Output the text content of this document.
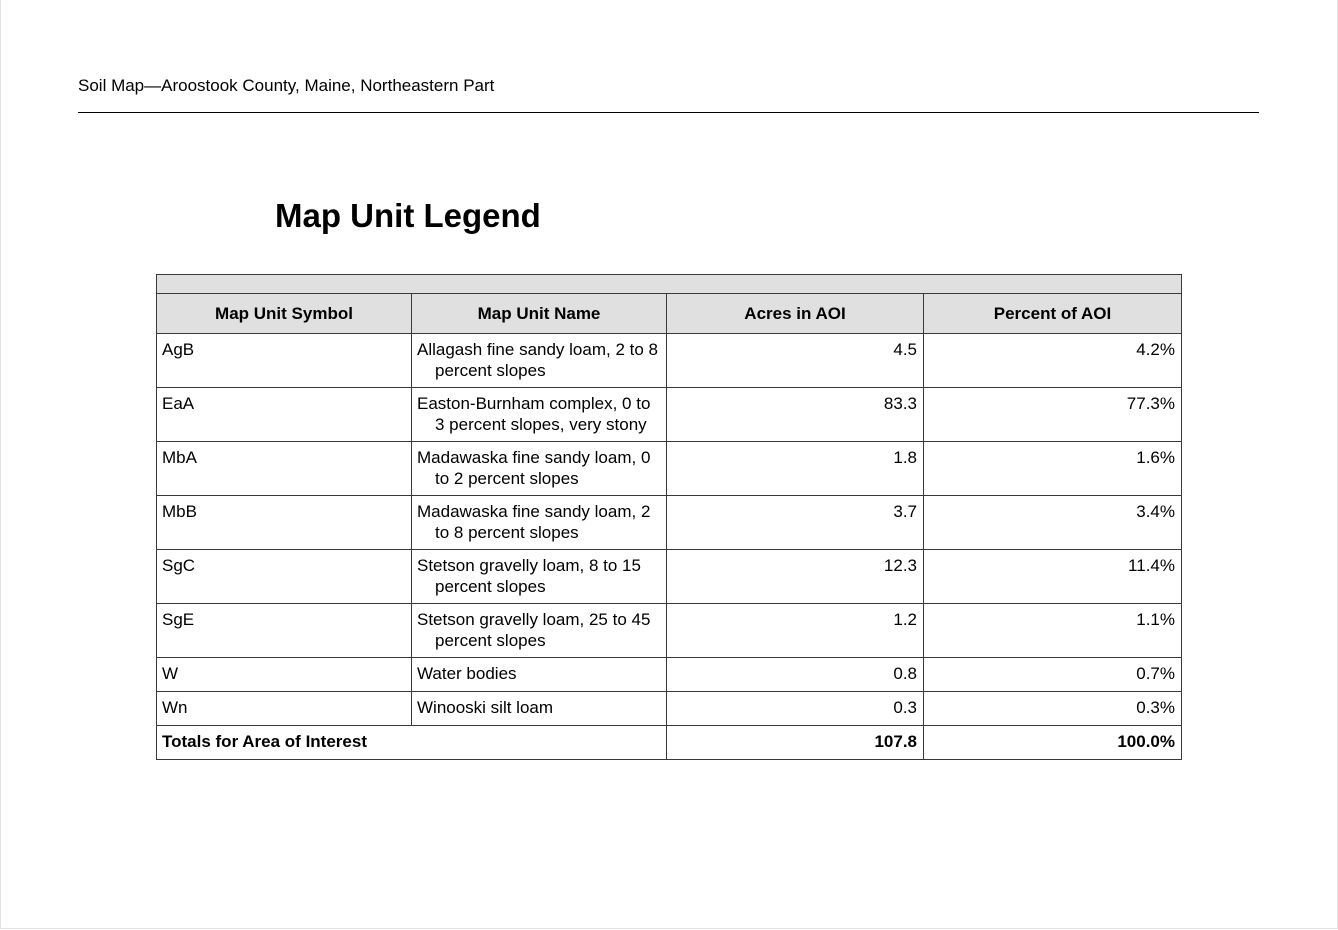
Soil Map—Aroostook County, Maine, Northeastern Part
Map Unit Legend

Map Unit Symbol	Map Unit Name	Acres in AOI	Percent of AOI
AgB	Allagash fine sandy loam, 2 to 8 percent slopes	4.5	4.2%
EaA	Easton-Burnham complex, 0 to 3 percent slopes, very stony	83.3	77.3%
MbA	Madawaska fine sandy loam, 0 to 2 percent slopes	1.8	1.6%
MbB	Madawaska fine sandy loam, 2 to 8 percent slopes	3.7	3.4%
SgC	Stetson gravelly loam, 8 to 15 percent slopes	12.3	11.4%
SgE	Stetson gravelly loam, 25 to 45 percent slopes	1.2	1.1%
W	Water bodies	0.8	0.7%
Wn	Winooski silt loam	0.3	0.3%
Totals for Area of Interest		107.8	100.0%
